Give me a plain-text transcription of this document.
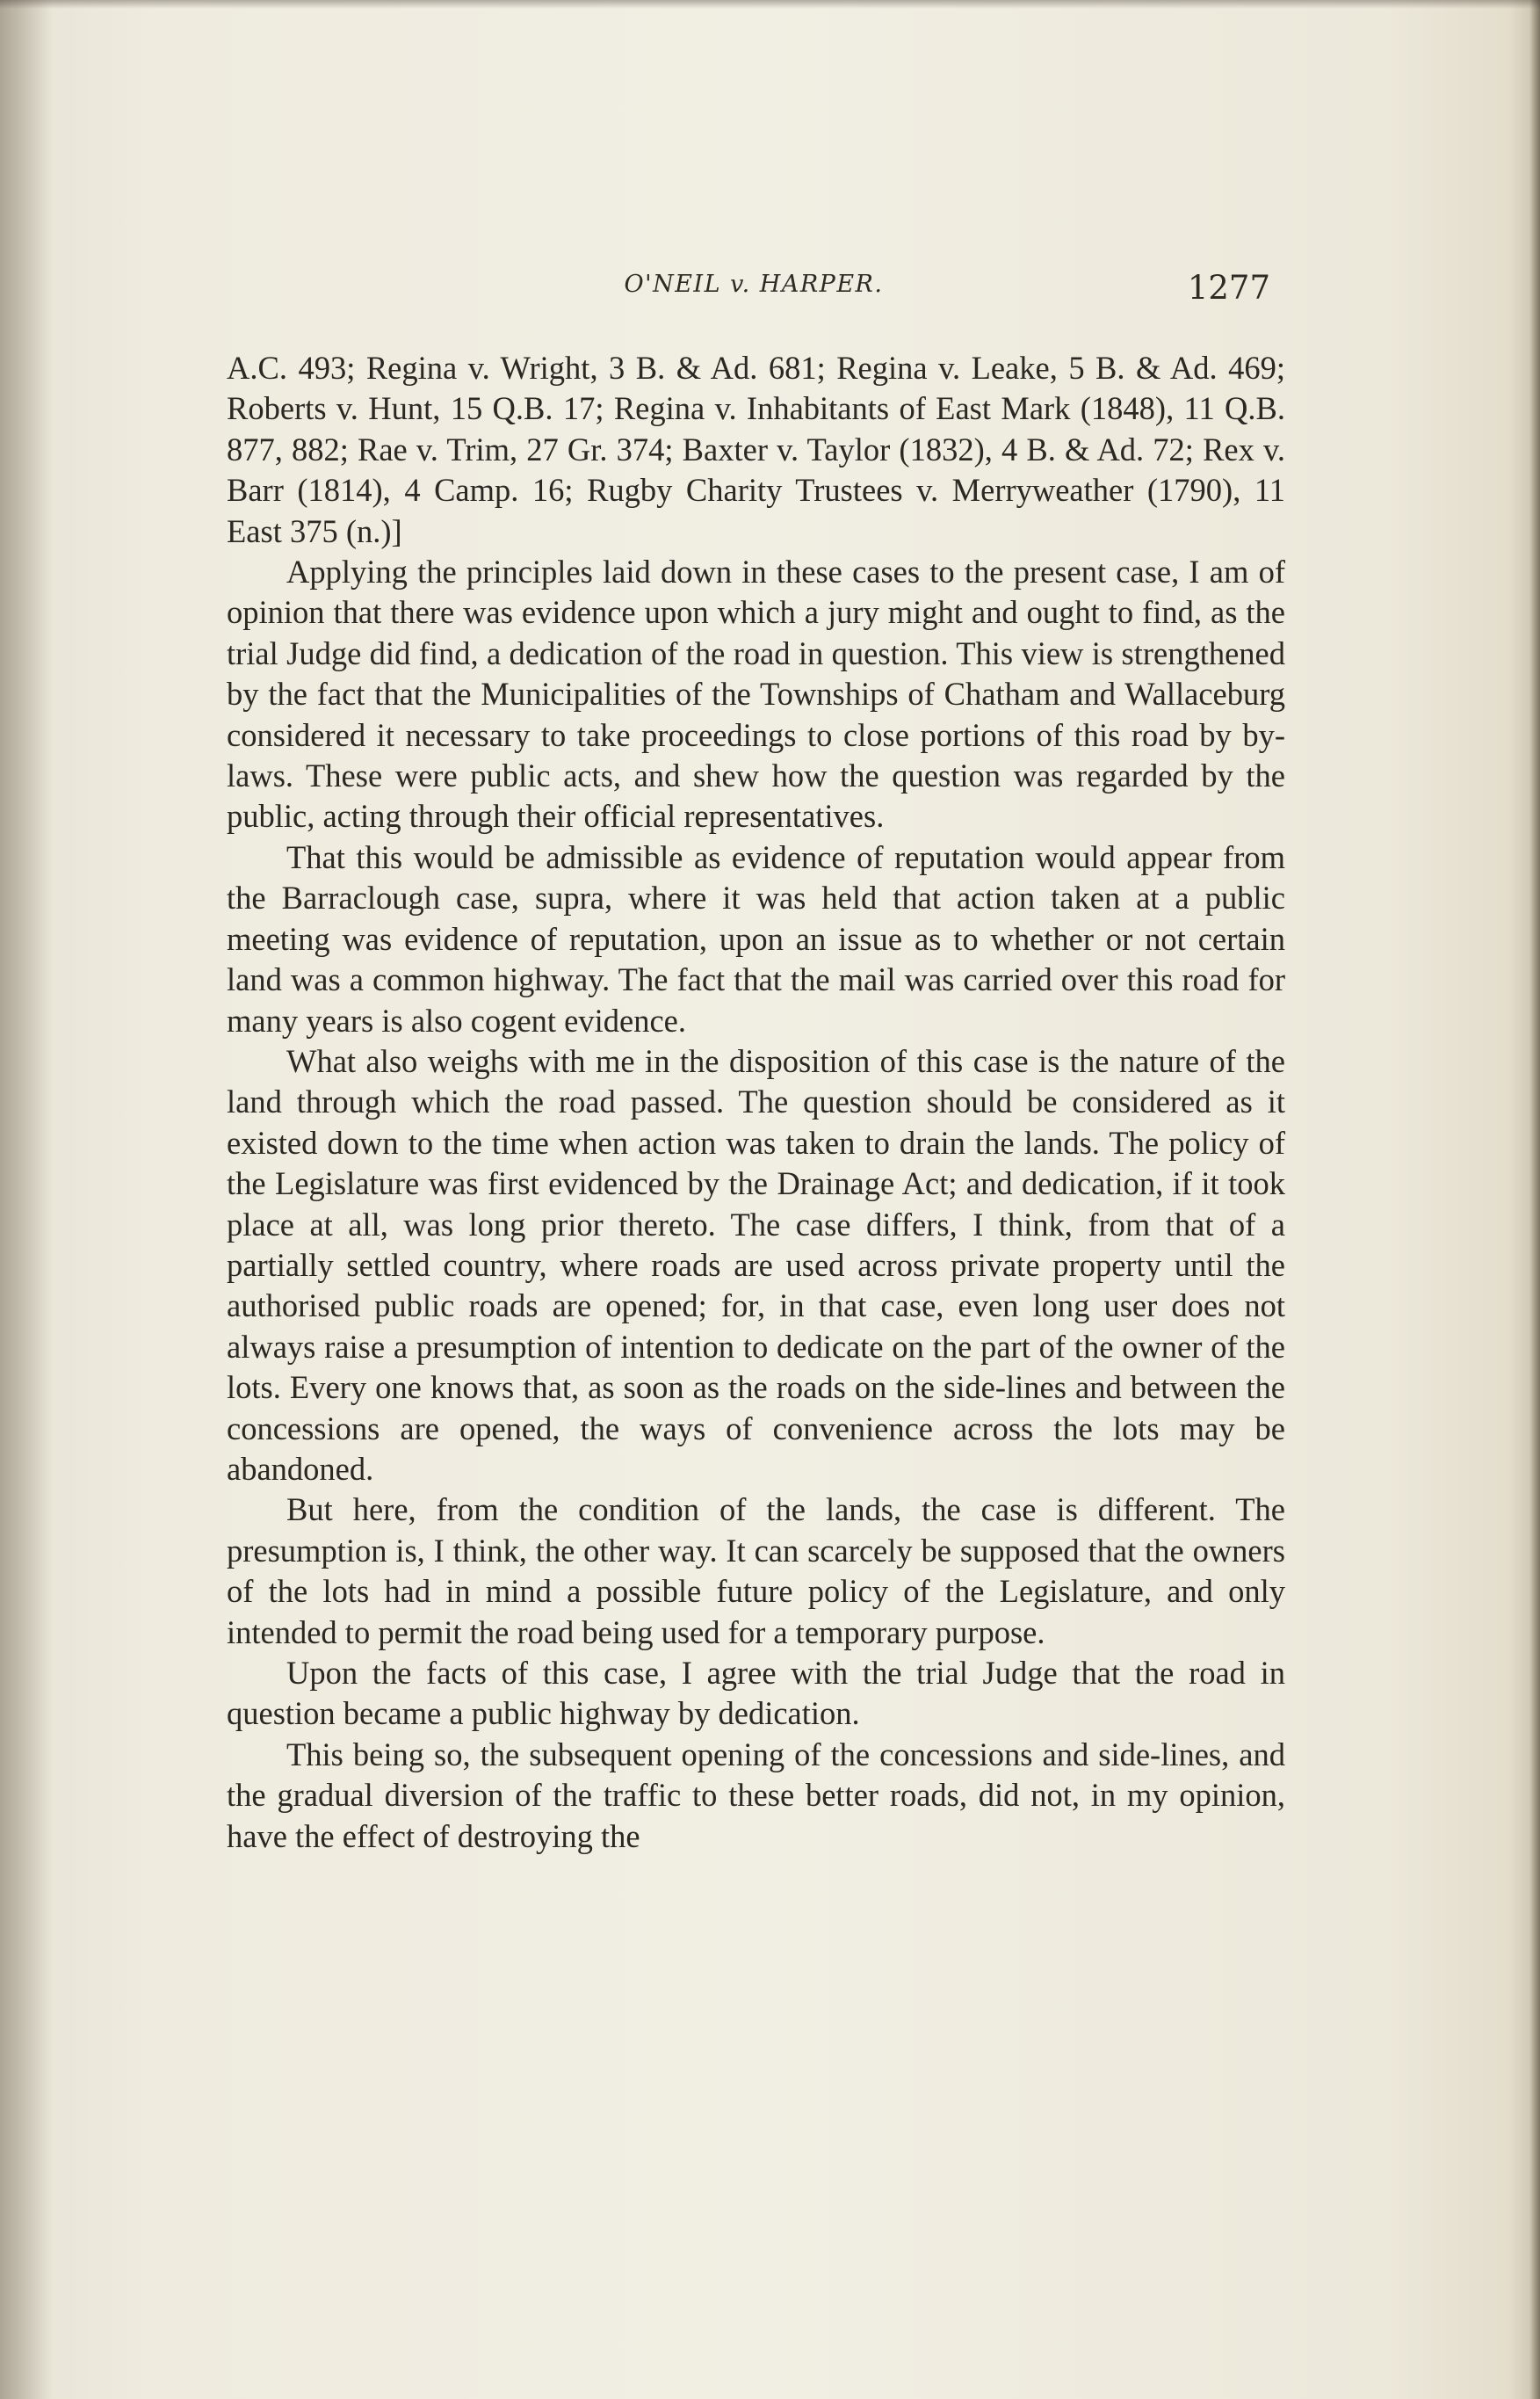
O'NEIL v. HARPER.	1277

A.C. 493; Regina v. Wright, 3 B. & Ad. 681; Regina v. Leake, 5 B. & Ad. 469; Roberts v. Hunt, 15 Q.B. 17; Regina v. Inhabitants of East Mark (1848), 11 Q.B. 877, 882; Rae v. Trim, 27 Gr. 374; Baxter v. Taylor (1832), 4 B. & Ad. 72; Rex v. Barr (1814), 4 Camp. 16; Rugby Charity Trustees v. Merryweather (1790), 11 East 375 (n.)]

Applying the principles laid down in these cases to the present case, I am of opinion that there was evidence upon which a jury might and ought to find, as the trial Judge did find, a dedication of the road in question. This view is strengthened by the fact that the Municipalities of the Townships of Chatham and Wallaceburg considered it necessary to take proceedings to close portions of this road by by-laws. These were public acts, and shew how the question was regarded by the public, acting through their official representatives.

That this would be admissible as evidence of reputation would appear from the Barraclough case, supra, where it was held that action taken at a public meeting was evidence of reputation, upon an issue as to whether or not certain land was a common highway. The fact that the mail was carried over this road for many years is also cogent evidence.

What also weighs with me in the disposition of this case is the nature of the land through which the road passed. The question should be considered as it existed down to the time when action was taken to drain the lands. The policy of the Legislature was first evidenced by the Drainage Act; and dedication, if it took place at all, was long prior thereto. The case differs, I think, from that of a partially settled country, where roads are used across private property until the authorised public roads are opened; for, in that case, even long user does not always raise a presumption of intention to dedicate on the part of the owner of the lots. Every one knows that, as soon as the roads on the side-lines and between the concessions are opened, the ways of convenience across the lots may be abandoned.

But here, from the condition of the lands, the case is different. The presumption is, I think, the other way. It can scarcely be supposed that the owners of the lots had in mind a possible future policy of the Legislature, and only intended to permit the road being used for a temporary purpose.

Upon the facts of this case, I agree with the trial Judge that the road in question became a public highway by dedication.

This being so, the subsequent opening of the concessions and side-lines, and the gradual diversion of the traffic to these better roads, did not, in my opinion, have the effect of destroying the
